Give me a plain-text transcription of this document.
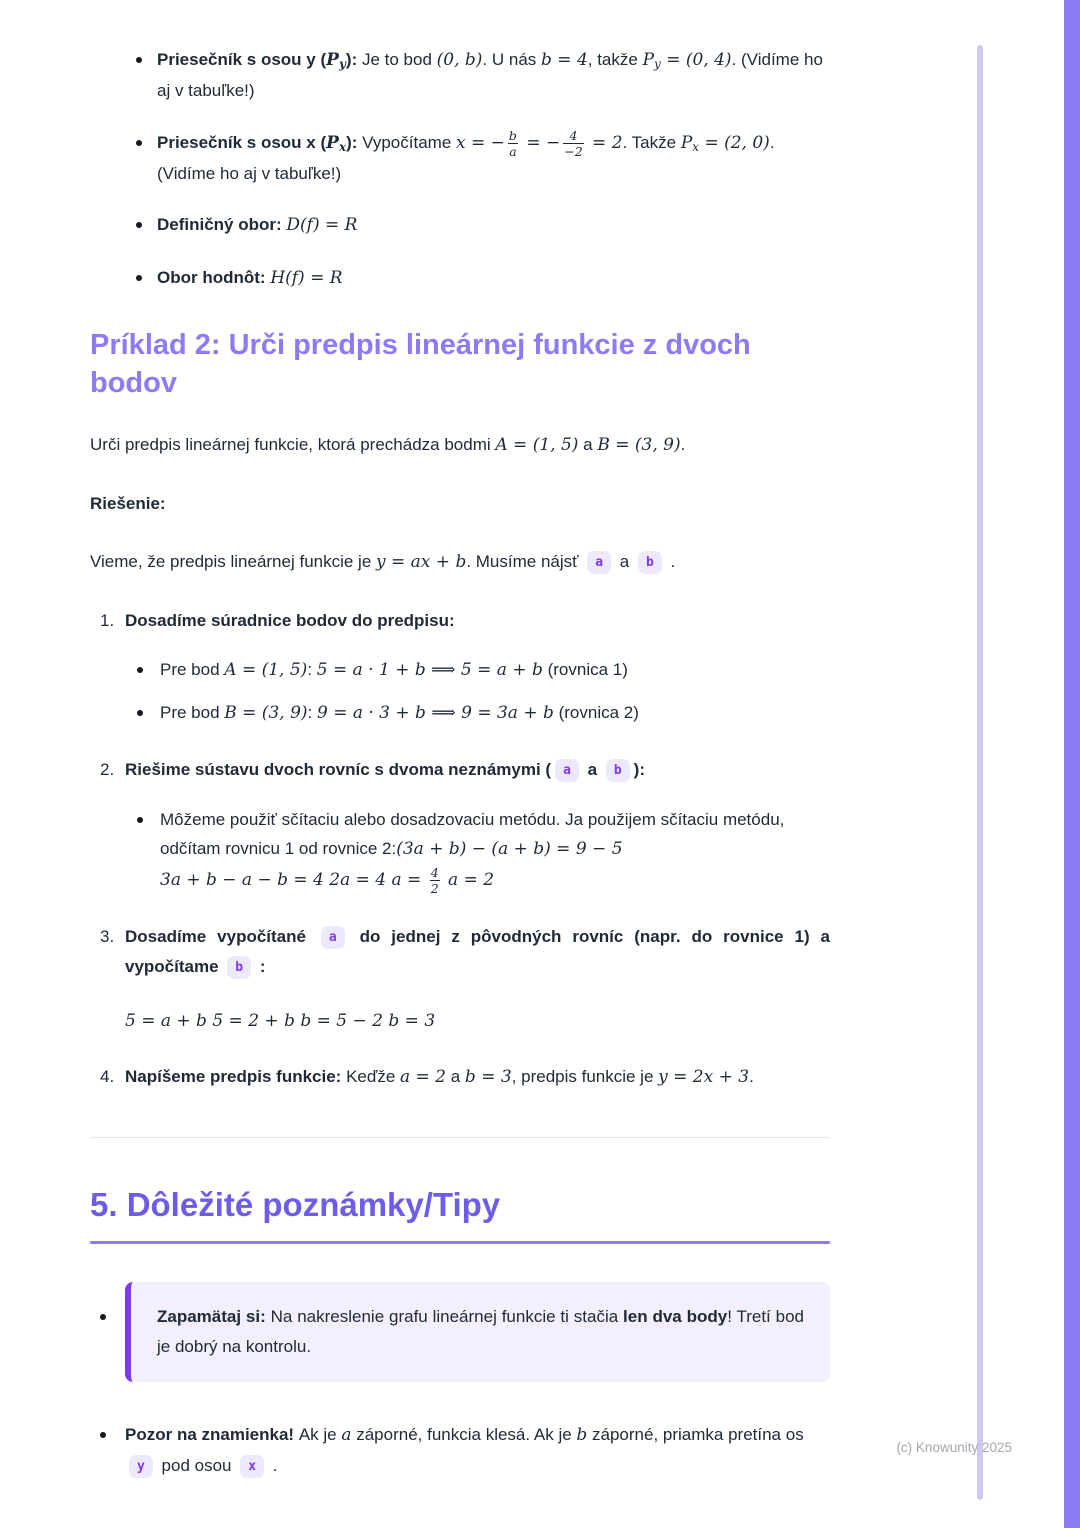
Priesečník s osou y (Py): Je to bod (0, b). U nás b = 4, takže Py = (0, 4). (Vidíme ho aj v tabuľke!)
Priesečník s osou x (Px): Vypočítame x = − $\frac{b}{a}$ = − $\frac{4}{-2} = 2$. Takže Px = (2, 0). (Vidíme ho aj v tabuľke!)
Definičný obor: D(f) = R
Obor hodnôt: H(f) = R
Príklad 2: Urči predpis lineárnej funkcie z dvoch bodov

Urči predpis lineárnej funkcie, ktorá prechádza bodmi A = (1, 5) a B = (3, 9).

Riešenie:

Vieme, že predpis lineárnej funkcie je y = ax + b. Musíme nájsť a a b .

1. Dosadíme súradnice bodov do predpisu:
Pre bod A = (1, 5): 5 = a · 1 + b ⟹ 5 = a + b (rovnica 1)
Pre bod B = (3, 9): 9 = a · 3 + b ⟹ 9 = 3a + b (rovnica 2)
2. Riešime sústavu dvoch rovníc s dvoma neznámymi ( a a b ):
Môžeme použiť sčítaciu alebo dosadzovaciu metódu. Ja použijem sčítaciu metódu, odčítam rovnicu 1 od rovnice 2:(3a + b) − (a + b) = 9 − 5
3a + b − a − b = 4 2a = 4 $a = \frac{4}{2}$ a = 2
3. Dosadíme vypočítané a do jednej z pôvodných rovníc (napr. do rovnice 1) a vypočítame b :
5 = a + b 5 = 2 + b b = 5 − 2 b = 3
4. Napíšeme predpis funkcie: Keďže a = 2 a b = 3, predpis funkcie je y = 2x + 3.
5. Dôležité poznámky/Tipy
Zapamätaj si: Na nakreslenie grafu lineárnej funkcie ti stačia len dva body! Tretí bod je dobrý na kontrolu.
Pozor na znamienka! Ak je a záporné, funkcia klesá. Ak je b záporné, priamka pretína os y pod osou x .
(c) Knowunity 2025
